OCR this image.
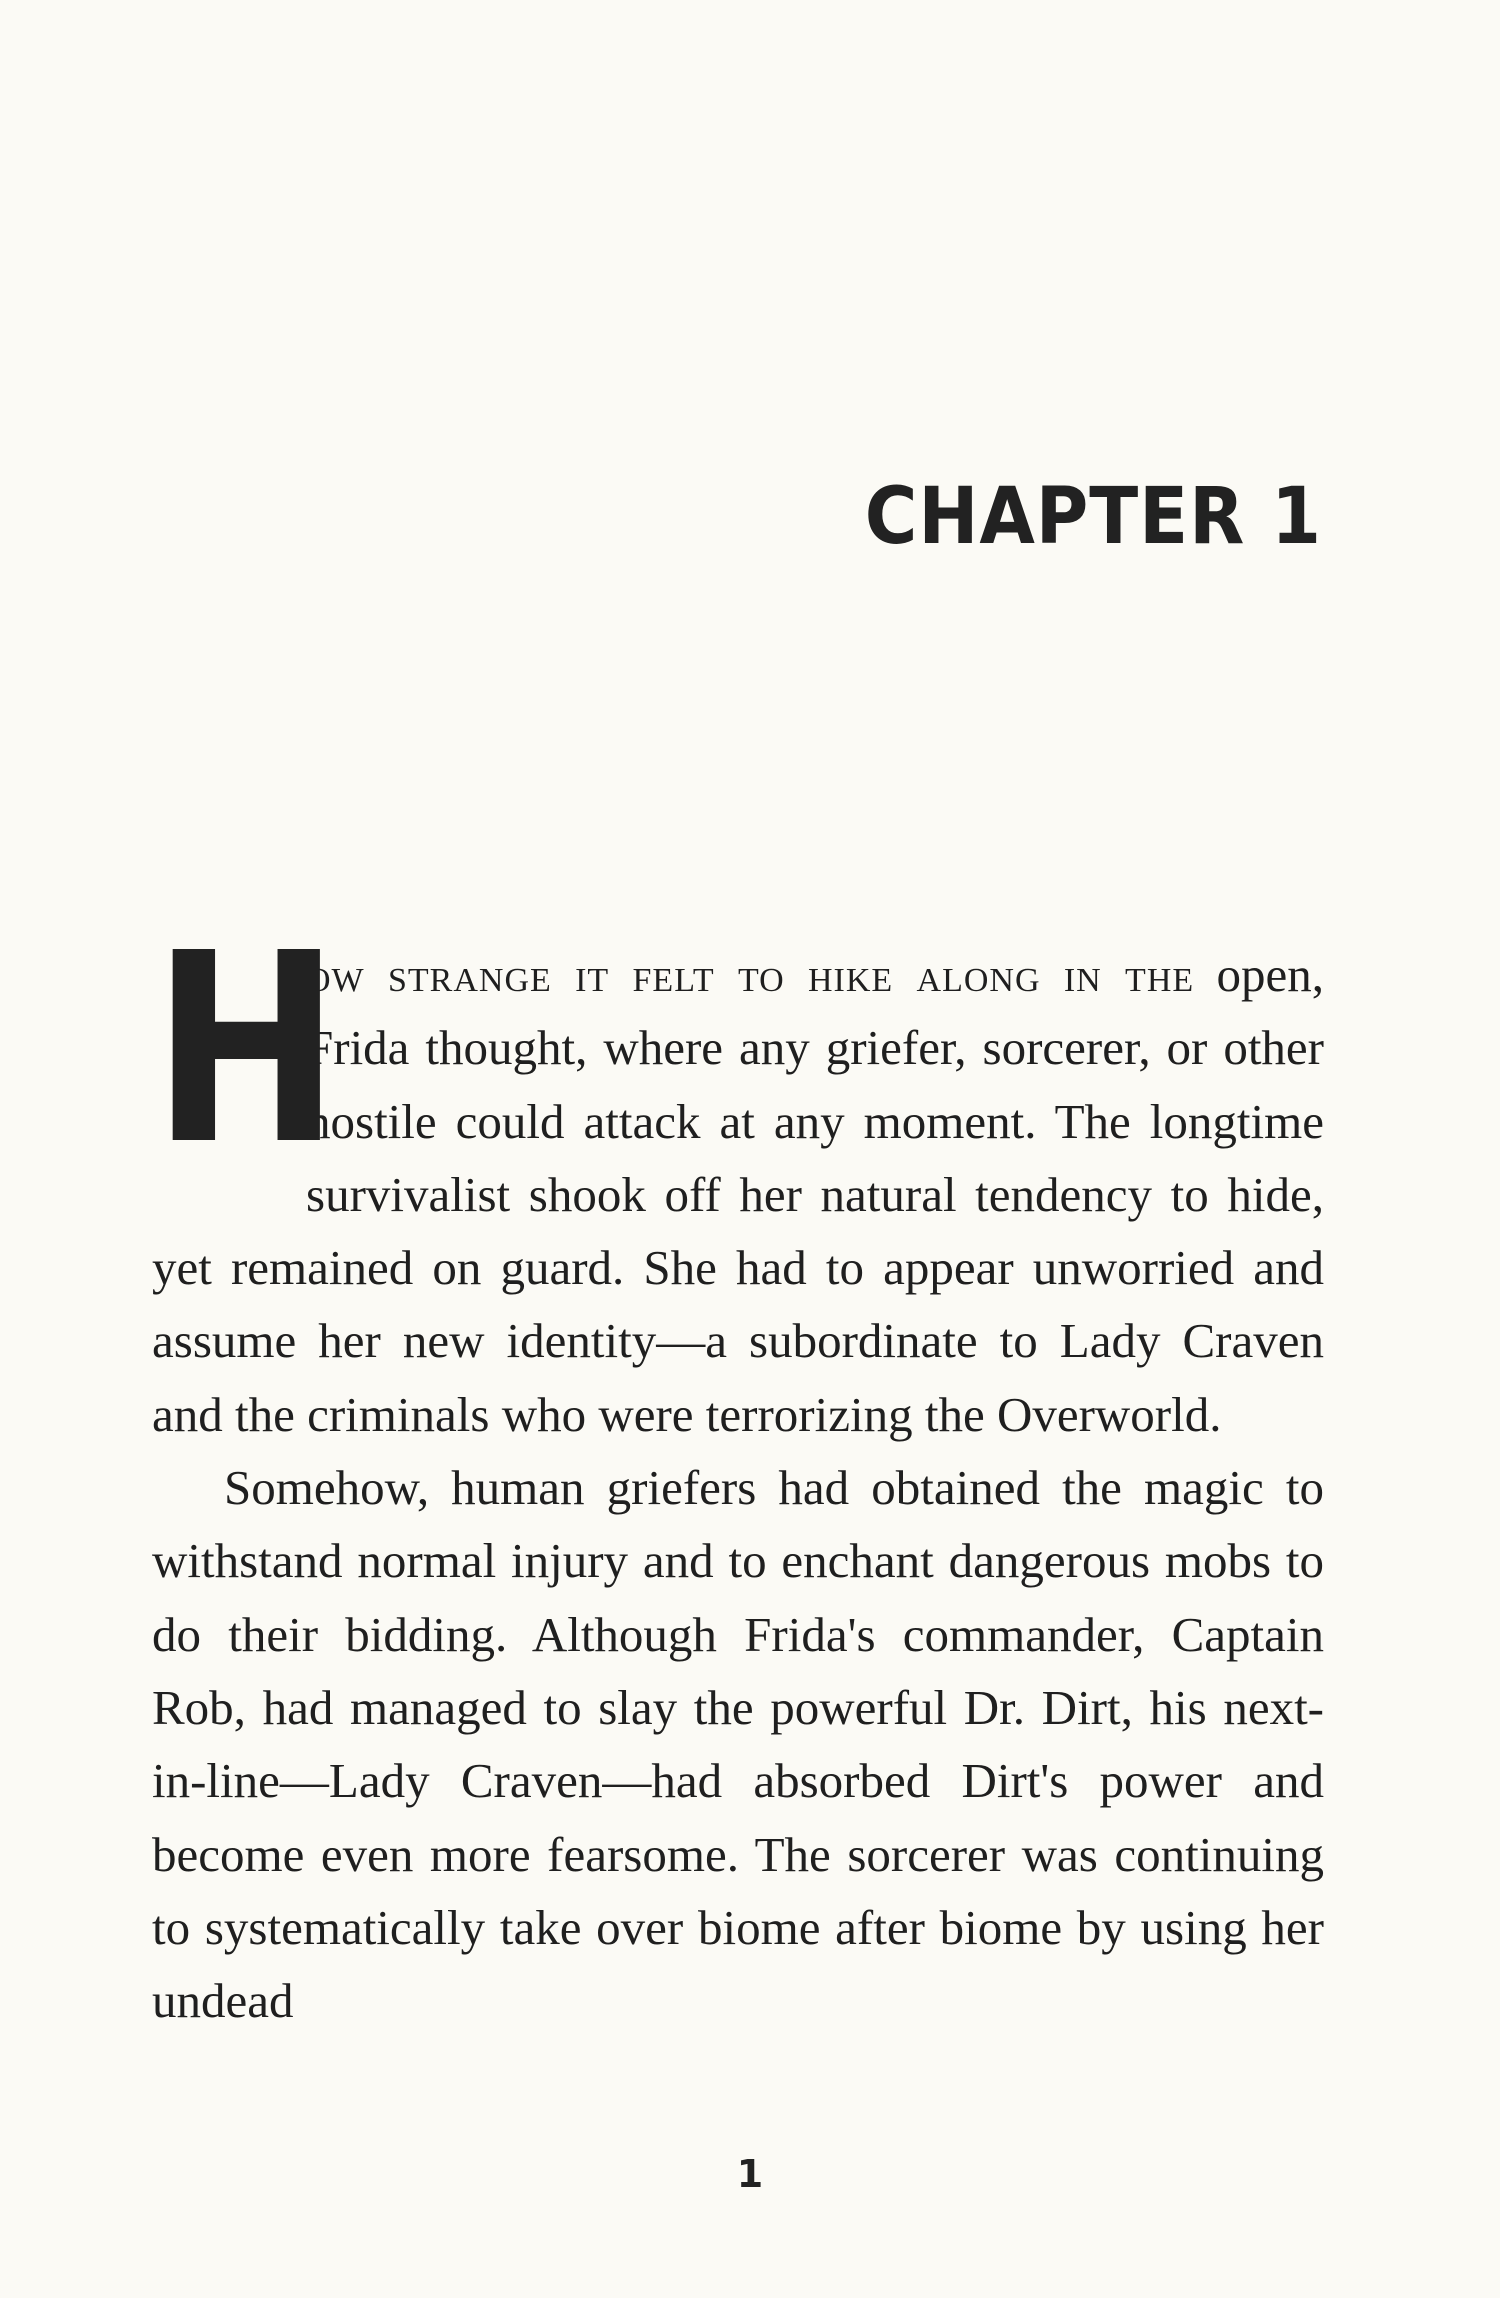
CHAPTER 1

H
ow strange it felt to hike along in the open, Frida thought, where any griefer, sorcerer, or other hostile could attack at any moment. The longtime survivalist shook off her natural tendency to hide, yet remained on guard. She had to appear unworried and assume her new identity—a subordinate to Lady Craven and the criminals who were terrorizing the Overworld.

Somehow, human griefers had obtained the magic to withstand normal injury and to enchant dangerous mobs to do their bidding. Although Frida's commander, Captain Rob, had managed to slay the powerful Dr. Dirt, his next-in-line—Lady Craven—had absorbed Dirt's power and become even more fearsome. The sorcerer was continuing to systematically take over biome after biome by using her undead

1
